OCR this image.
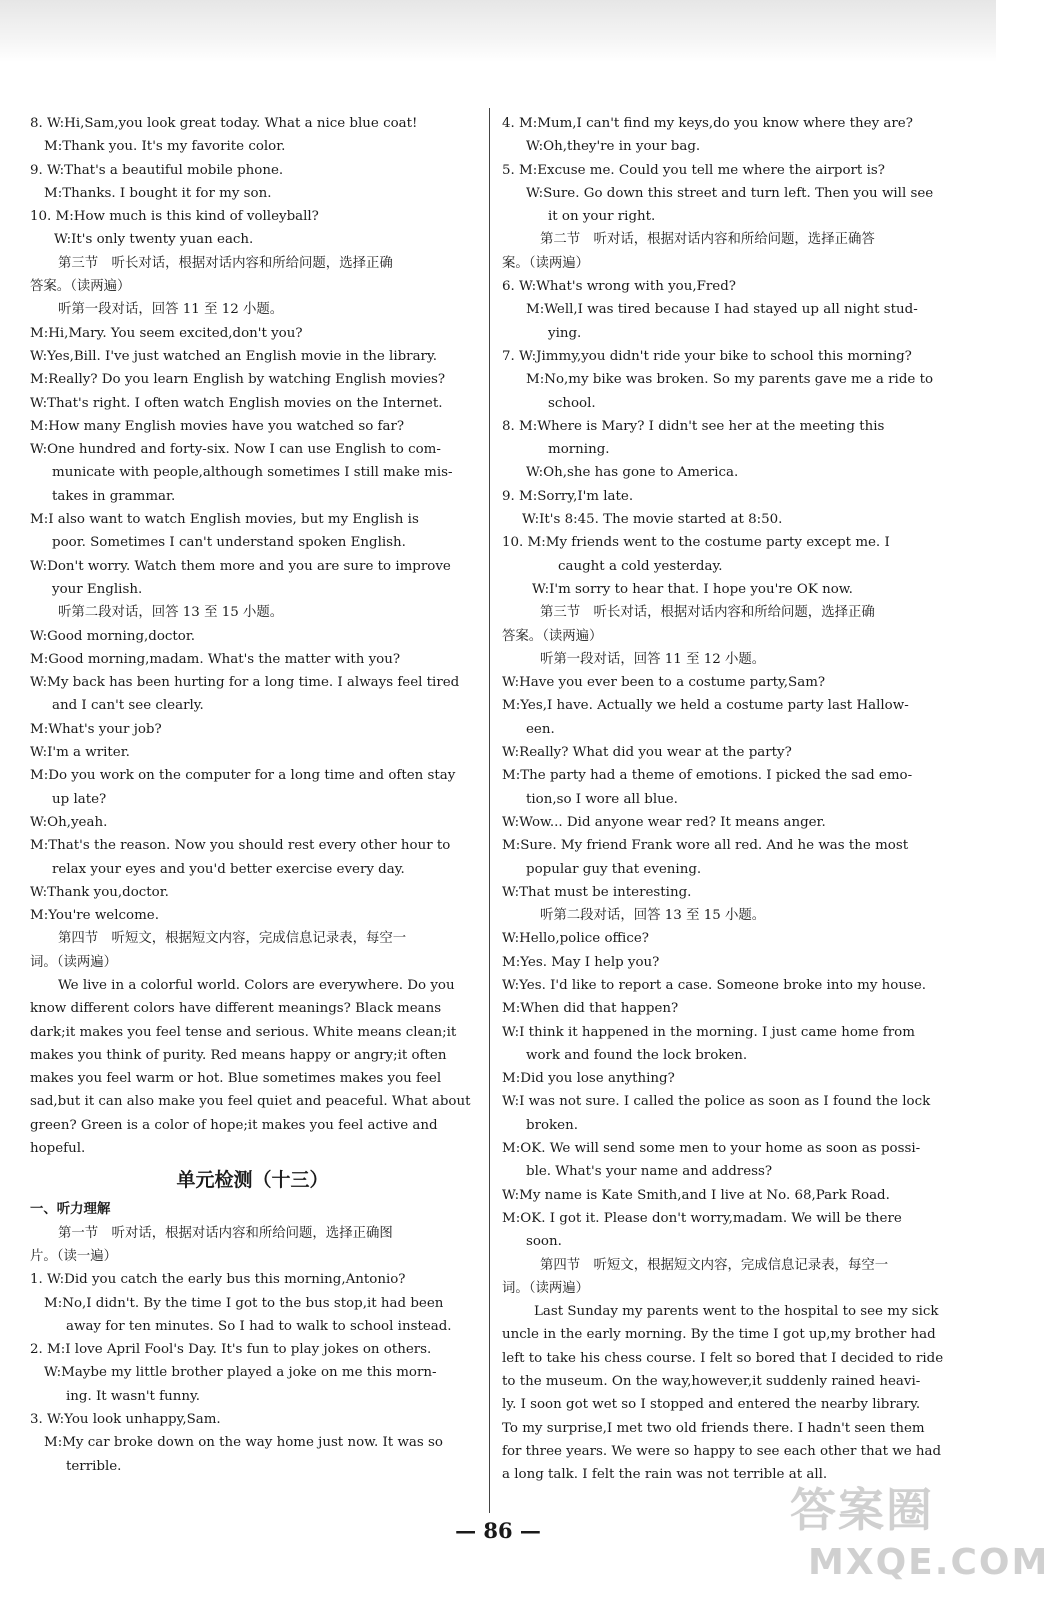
8. W:Hi,Sam,you look great today. What a nice blue coat!
M:Thank you. It's my favorite color.
9. W:That's a beautiful mobile phone.
M:Thanks. I bought it for my son.
10. M:How much is this kind of volleyball?
W:It's only twenty yuan each.
第三节　听长对话，根据对话内容和所给问题，选择正确
答案。（读两遍）
听第一段对话，回答 11 至 12 小题。
M:Hi,Mary. You seem excited,don't you?
W:Yes,Bill. I've just watched an English movie in the library.
M:Really? Do you learn English by watching English movies?
W:That's right. I often watch English movies on the Internet.
M:How many English movies have you watched so far?
W:One hundred and forty-six. Now I can use English to com-
municate with people,although sometimes I still make mis-
takes in grammar.
M:I also want to watch English movies, but my English is
poor. Sometimes I can't understand spoken English.
W:Don't worry. Watch them more and you are sure to improve
your English.
听第二段对话，回答 13 至 15 小题。
W:Good morning,doctor.
M:Good morning,madam. What's the matter with you?
W:My back has been hurting for a long time. I always feel tired
and I can't see clearly.
M:What's your job?
W:I'm a writer.
M:Do you work on the computer for a long time and often stay
up late?
W:Oh,yeah.
M:That's the reason. Now you should rest every other hour to
relax your eyes and you'd better exercise every day.
W:Thank you,doctor.
M:You're welcome.
第四节　听短文，根据短文内容，完成信息记录表，每空一
词。（读两遍）
We live in a colorful world. Colors are everywhere. Do you
know different colors have different meanings? Black means
dark;it makes you feel tense and serious. White means clean;it
makes you think of purity. Red means happy or angry;it often
makes you feel warm or hot. Blue sometimes makes you feel
sad,but it can also make you feel quiet and peaceful. What about
green? Green is a color of hope;it makes you feel active and
hopeful.
单元检测（十三）
一、听力理解
第一节　听对话，根据对话内容和所给问题，选择正确图
片。（读一遍）
1. W:Did you catch the early bus this morning,Antonio?
M:No,I didn't. By the time I got to the bus stop,it had been
away for ten minutes. So I had to walk to school instead.
2. M:I love April Fool's Day. It's fun to play jokes on others.
W:Maybe my little brother played a joke on me this morn-
ing. It wasn't funny.
3. W:You look unhappy,Sam.
M:My car broke down on the way home just now. It was so
terrible.
4. M:Mum,I can't find my keys,do you know where they are?
W:Oh,they're in your bag.
5. M:Excuse me. Could you tell me where the airport is?
W:Sure. Go down this street and turn left. Then you will see
it on your right.
第二节　听对话，根据对话内容和所给问题，选择正确答
案。（读两遍）
6. W:What's wrong with you,Fred?
M:Well,I was tired because I had stayed up all night stud-
ying.
7. W:Jimmy,you didn't ride your bike to school this morning?
M:No,my bike was broken. So my parents gave me a ride to
school.
8. M:Where is Mary? I didn't see her at the meeting this
morning.
W:Oh,she has gone to America.
9. M:Sorry,I'm late.
W:It's 8:45. The movie started at 8:50.
10. M:My friends went to the costume party except me. I
caught a cold yesterday.
W:I'm sorry to hear that. I hope you're OK now.
第三节　听长对话，根据对话内容和所给问题，选择正确
答案。（读两遍）
听第一段对话，回答 11 至 12 小题。
W:Have you ever been to a costume party,Sam?
M:Yes,I have. Actually we held a costume party last Hallow-
een.
W:Really? What did you wear at the party?
M:The party had a theme of emotions. I picked the sad emo-
tion,so I wore all blue.
W:Wow... Did anyone wear red? It means anger.
M:Sure. My friend Frank wore all red. And he was the most
popular guy that evening.
W:That must be interesting.
听第二段对话，回答 13 至 15 小题。
W:Hello,police office?
M:Yes. May I help you?
W:Yes. I'd like to report a case. Someone broke into my house.
M:When did that happen?
W:I think it happened in the morning. I just came home from
work and found the lock broken.
M:Did you lose anything?
W:I was not sure. I called the police as soon as I found the lock
broken.
M:OK. We will send some men to your home as soon as possi-
ble. What's your name and address?
W:My name is Kate Smith,and I live at No. 68,Park Road.
M:OK. I got it. Please don't worry,madam. We will be there
soon.
第四节　听短文，根据短文内容，完成信息记录表，每空一
词。（读两遍）
Last Sunday my parents went to the hospital to see my sick
uncle in the early morning. By the time I got up,my brother had
left to take his chess course. I felt so bored that I decided to ride
to the museum. On the way,however,it suddenly rained heavi-
ly. I soon got wet so I stopped and entered the nearby library.
To my surprise,I met two old friends there. I hadn't seen them
for three years. We were so happy to see each other that we had
a long talk. I felt the rain was not terrible at all.
— 86 —	答案圈
MXQE.COM
